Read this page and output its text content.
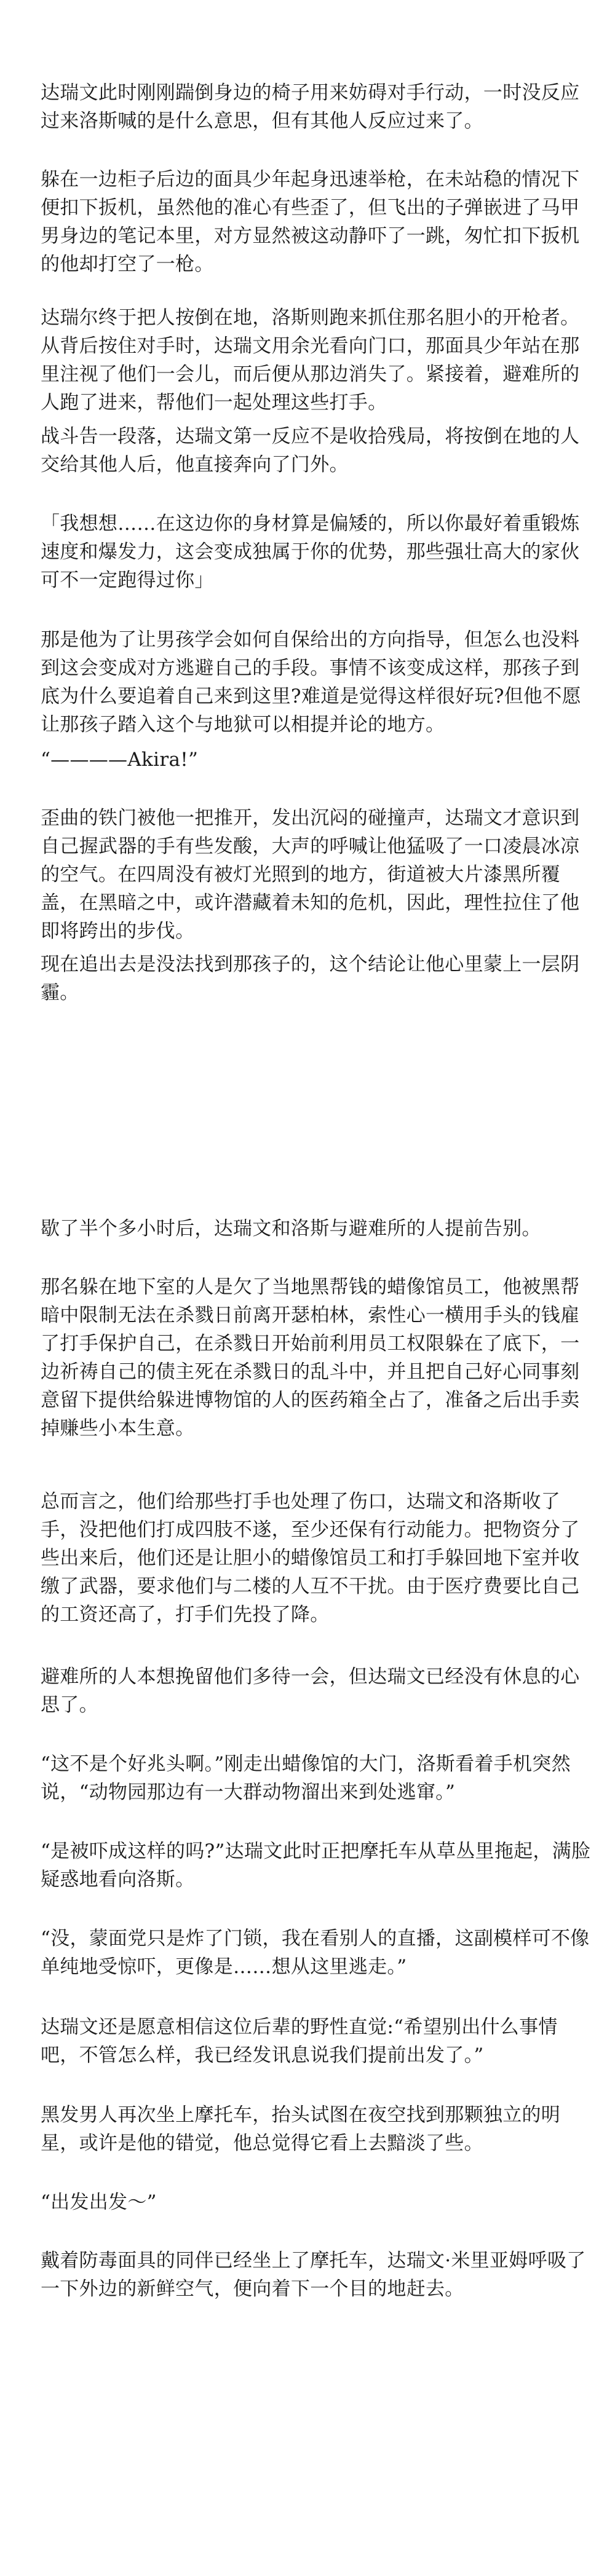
达瑞文此时刚刚踹倒身边的椅子用来妨碍对手行动，一时没反应过来洛斯喊的是什么意思，但有其他人反应过来了。

躲在一边柜子后边的面具少年起身迅速举枪，在未站稳的情况下便扣下扳机，虽然他的准心有些歪了，但飞出的子弹嵌进了马甲男身边的笔记本里，对方显然被这动静吓了一跳，匆忙扣下扳机的他却打空了一枪。

达瑞尔终于把人按倒在地，洛斯则跑来抓住那名胆小的开枪者。从背后按住对手时，达瑞文用余光看向门口，那面具少年站在那里注视了他们一会儿，而后便从那边消失了。紧接着，避难所的人跑了进来，帮他们一起处理这些打手。

战斗告一段落，达瑞文第一反应不是收拾残局，将按倒在地的人交给其他人后，他直接奔向了门外。

「我想想……在这边你的身材算是偏矮的，所以你最好着重锻炼速度和爆发力，这会变成独属于你的优势，那些强壮高大的家伙可不一定跑得过你」

那是他为了让男孩学会如何自保给出的方向指导，但怎么也没料到这会变成对方逃避自己的手段。事情不该变成这样，那孩子到底为什么要追着自己来到这里?难道是觉得这样很好玩?但他不愿让那孩子踏入这个与地狱可以相提并论的地方。

“————Akira!”

歪曲的铁门被他一把推开，发出沉闷的碰撞声，达瑞文才意识到自己握武器的手有些发酸，大声的呼喊让他猛吸了一口凌晨冰凉的空气。在四周没有被灯光照到的地方，街道被大片漆黑所覆盖，在黑暗之中，或许潜藏着未知的危机，因此，理性拉住了他即将跨出的步伐。

现在追出去是没法找到那孩子的，这个结论让他心里蒙上一层阴霾。

歇了半个多小时后，达瑞文和洛斯与避难所的人提前告别。

那名躲在地下室的人是欠了当地黑帮钱的蜡像馆员工，他被黑帮暗中限制无法在杀戮日前离开瑟柏林，索性心一横用手头的钱雇了打手保护自己，在杀戮日开始前利用员工权限躲在了底下，一边祈祷自己的债主死在杀戮日的乱斗中，并且把自己好心同事刻意留下提供给躲进博物馆的人的医药箱全占了，准备之后出手卖掉赚些小本生意。

总而言之，他们给那些打手也处理了伤口，达瑞文和洛斯收了手，没把他们打成四肢不遂，至少还保有行动能力。把物资分了些出来后，他们还是让胆小的蜡像馆员工和打手躲回地下室并收缴了武器，要求他们与二楼的人互不干扰。由于医疗费要比自己的工资还高了，打手们先投了降。

避难所的人本想挽留他们多待一会，但达瑞文已经没有休息的心思了。

“这不是个好兆头啊。”刚走出蜡像馆的大门，洛斯看着手机突然说，“动物园那边有一大群动物溜出来到处逃窜。”

“是被吓成这样的吗?”达瑞文此时正把摩托车从草丛里拖起，满脸疑惑地看向洛斯。

“没，蒙面党只是炸了门锁，我在看别人的直播，这副模样可不像单纯地受惊吓，更像是……想从这里逃走。”

达瑞文还是愿意相信这位后辈的野性直觉:“希望别出什么事情吧，不管怎么样，我已经发讯息说我们提前出发了。”

黑发男人再次坐上摩托车，抬头试图在夜空找到那颗独立的明星，或许是他的错觉，他总觉得它看上去黯淡了些。

“出发出发～”

戴着防毒面具的同伴已经坐上了摩托车，达瑞文·米里亚姆呼吸了一下外边的新鲜空气，便向着下一个目的地赶去。
